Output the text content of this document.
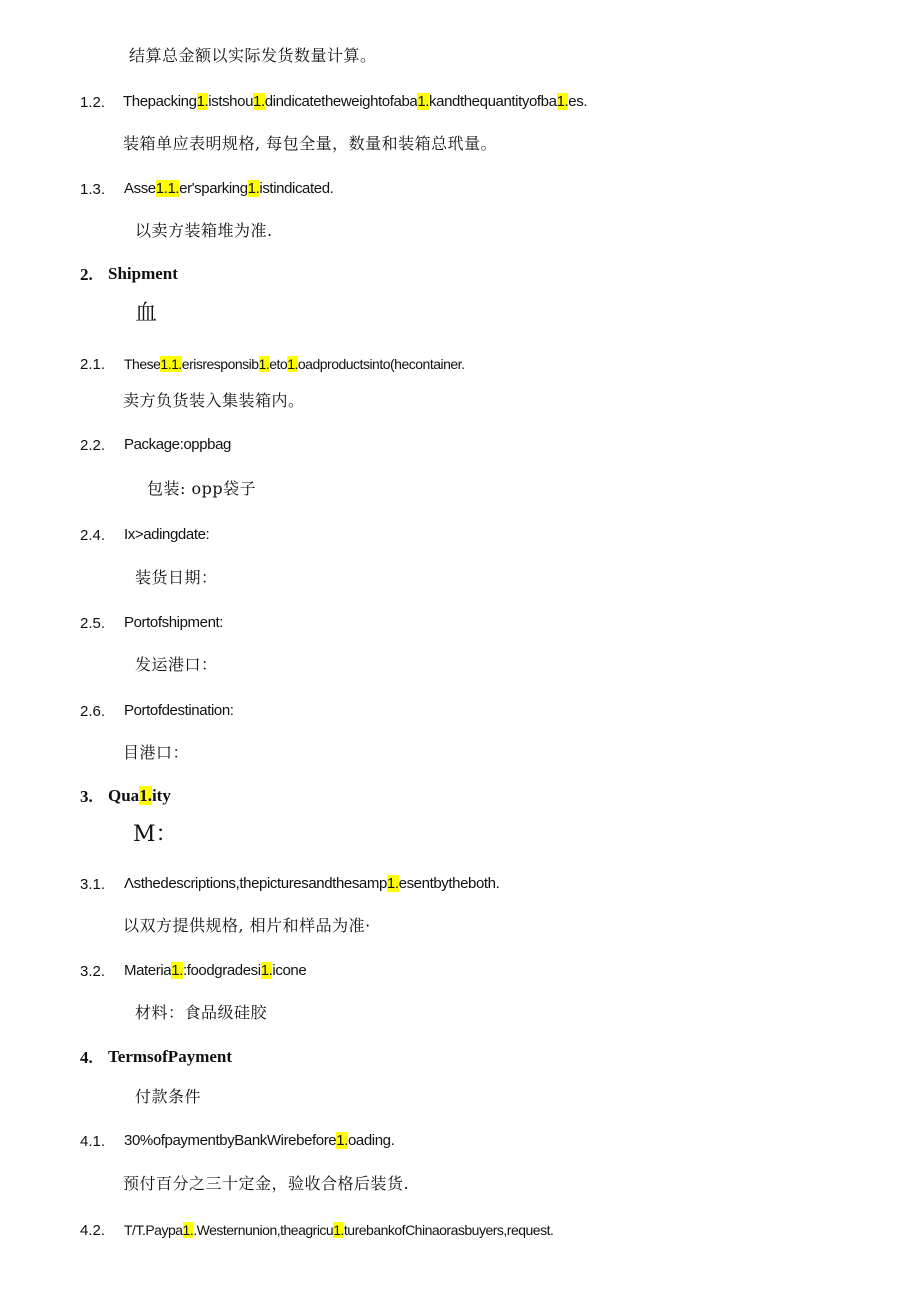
结算总金额以实际发货数量计算。
1.2. Thepacking1.istshou1.dindicatetheweightofaba1.kandthequantityofba1.es.
装箱单应表明规格, 每包全量，数量和装箱总玳量。
1.3. Asse1.1.er'sparking1.istindicated.
以卖方装箱堆为准.
2. Shipment
血
2.1. These1.1.erisresponsib1.eto1.oadproductsinto(hecontainer.
卖方负货装入集装箱内。
2.2. Package:oppbag
包装: opp袋子
2.4. Ix>adingdate:
装货日期：
2.5. Portofshipment:
发运港口：
2.6. Portofdestination:
目港口：
3. Qua1.ity
M：
3.1. Λsthedescriptions,thepicturesandthesamp1.esentbytheboth.
以双方提供规格, 相片和样品为准·
3.2. Materia1.:foodgradesi1.icone
材料：食品级硅胶
4. TermsofPayment
付款条件
4.1. 30%ofpaymentbyBankWirebefore1.oading.
预付百分之三十定金，验收合格后装货.
4.2. T/T.Paypa1..Westernunion,theagricu1.turebankofChinaorasbuyers,request.
